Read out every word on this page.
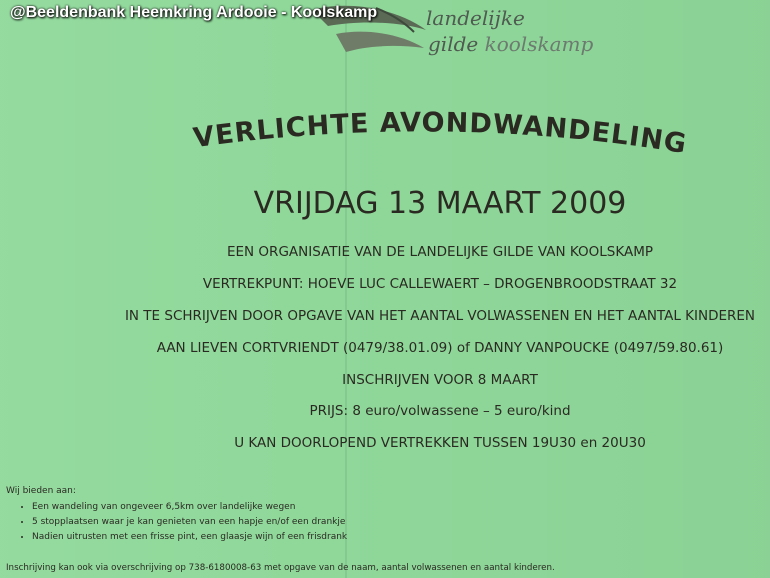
@Beeldenbank Heemkring Ardooie - Koolskamp landelijke
gilde koolskamp
VERLICHTE AVONDWANDELING
VRIJDAG 13 MAART 2009
EEN ORGANISATIE VAN DE LANDELIJKE GILDE VAN KOOLSKAMP
VERTREKPUNT: HOEVE LUC CALLEWAERT – DROGENBROODSTRAAT 32
IN TE SCHRIJVEN DOOR OPGAVE VAN HET AANTAL VOLWASSENEN EN HET AANTAL KINDEREN
AAN LIEVEN CORTVRIENDT (0479/38.01.09) of DANNY VANPOUCKE (0497/59.80.61)
INSCHRIJVEN VOOR 8 MAART
PRIJS: 8 euro/volwassene – 5 euro/kind
U KAN DOORLOPEND VERTREKKEN TUSSEN 19U30 en 20U30
Wij bieden aan:
• Een wandeling van ongeveer 6,5km over landelijke wegen
• 5 stopplaatsen waar je kan genieten van een hapje en/of een drankje
• Nadien uitrusten met een frisse pint, een glaasje wijn of een frisdrank
Inschrijving kan ook via overschrijving op 738-6180008-63 met opgave van de naam, aantal volwassenen en aantal kinderen.
